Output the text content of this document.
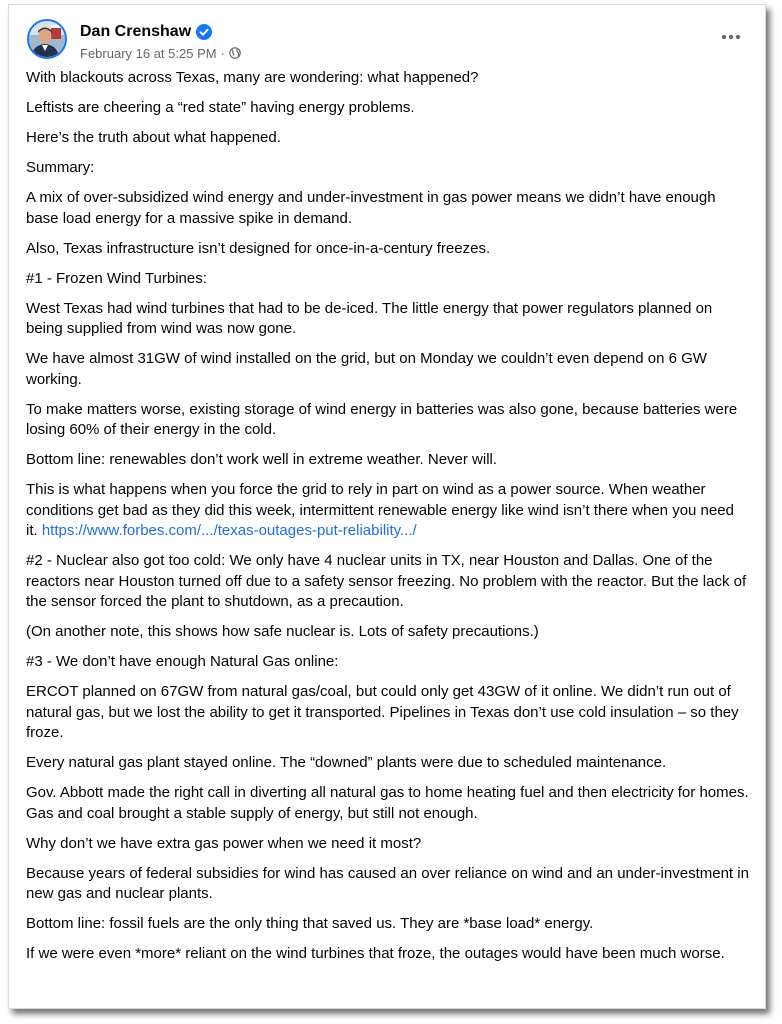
Dan Crenshaw
February 16 at 5:25 PM ·

With blackouts across Texas, many are wondering: what happened?

Leftists are cheering a “red state” having energy problems.

Here’s the truth about what happened.

Summary:

A mix of over-subsidized wind energy and under-investment in gas power means we didn’t have enough base load energy for a massive spike in demand.

Also, Texas infrastructure isn’t designed for once-in-a-century freezes.

#1 - Frozen Wind Turbines:

West Texas had wind turbines that had to be de-iced. The little energy that power regulators planned on being supplied from wind was now gone.

We have almost 31GW of wind installed on the grid, but on Monday we couldn’t even depend on 6 GW working.

To make matters worse, existing storage of wind energy in batteries was also gone, because batteries were losing 60% of their energy in the cold.

Bottom line: renewables don’t work well in extreme weather. Never will.

This is what happens when you force the grid to rely in part on wind as a power source. When weather conditions get bad as they did this week, intermittent renewable energy like wind isn’t there when you need it. https://www.forbes.com/.../texas-outages-put-reliability.../

#2 - Nuclear also got too cold: We only have 4 nuclear units in TX, near Houston and Dallas. One of the reactors near Houston turned off due to a safety sensor freezing. No problem with the reactor. But the lack of the sensor forced the plant to shutdown, as a precaution.

(On another note, this shows how safe nuclear is. Lots of safety precautions.)

#3 - We don’t have enough Natural Gas online:

ERCOT planned on 67GW from natural gas/coal, but could only get 43GW of it online. We didn’t run out of natural gas, but we lost the ability to get it transported. Pipelines in Texas don’t use cold insulation – so they froze.

Every natural gas plant stayed online. The “downed” plants were due to scheduled maintenance.

Gov. Abbott made the right call in diverting all natural gas to home heating fuel and then electricity for homes. Gas and coal brought a stable supply of energy, but still not enough.

Why don’t we have extra gas power when we need it most?

Because years of federal subsidies for wind has caused an over reliance on wind and an under-investment in new gas and nuclear plants.

Bottom line: fossil fuels are the only thing that saved us. They are *base load* energy.

If we were even *more* reliant on the wind turbines that froze, the outages would have been much worse.
